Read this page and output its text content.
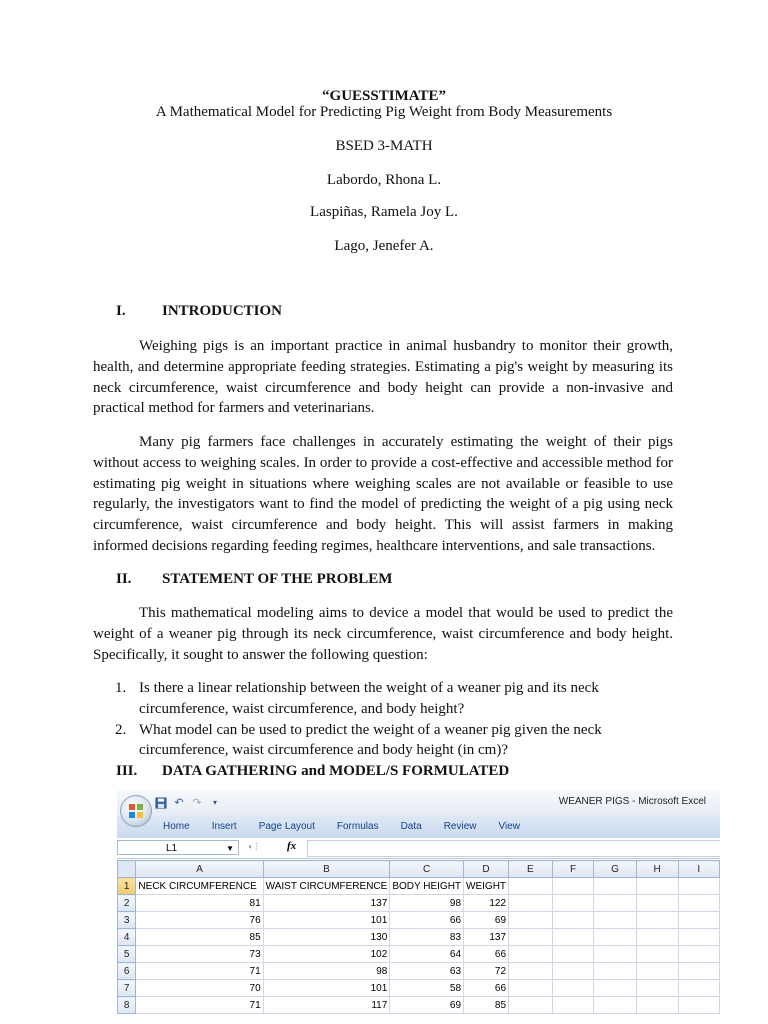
“GUESSTIMATE”
A Mathematical Model for Predicting Pig Weight from Body Measurements
BSED 3-MATH
Labordo, Rhona L.
Laspiñas, Ramela Joy L.
Lago, Jenefer A.
I. INTRODUCTION
Weighing pigs is an important practice in animal husbandry to monitor their growth, health, and determine appropriate feeding strategies. Estimating a pig's weight by measuring its neck circumference, waist circumference and body height can provide a non-invasive and practical method for farmers and veterinarians.
Many pig farmers face challenges in accurately estimating the weight of their pigs without access to weighing scales. In order to provide a cost-effective and accessible method for estimating pig weight in situations where weighing scales are not available or feasible to use regularly, the investigators want to find the model of predicting the weight of a pig using neck circumference, waist circumference and body height. This will assist farmers in making informed decisions regarding feeding regimes, healthcare interventions, and sale transactions.
II. STATEMENT OF THE PROBLEM
This mathematical modeling aims to device a model that would be used to predict the weight of a weaner pig through its neck circumference, waist circumference and body height. Specifically, it sought to answer the following question:
1. Is there a linear relationship between the weight of a weaner pig and its neck circumference, waist circumference, and body height?
2. What model can be used to predict the weight of a weaner pig given the neck circumference, waist circumference and body height (in cm)?
III. DATA GATHERING and MODEL/S FORMULATED
↶ ↷	▾	WEANER PIGS - Microsoft Excel
Home Insert Page Layout Formulas Data Review View
L1	▼	◖⋮ fx
	A	B	C	D	E	F	G	H	I
1	NECK CIRCUMFERENCE	WAIST CIRCUMFERENCE	BODY HEIGHT	WEIGHT					
2	81	137	98	122					
3	76	101	66	69					
4	85	130	83	137					
5	73	102	64	66					
6	71	98	63	72					
7	70	101	58	66					
8	71	117	69	85					
